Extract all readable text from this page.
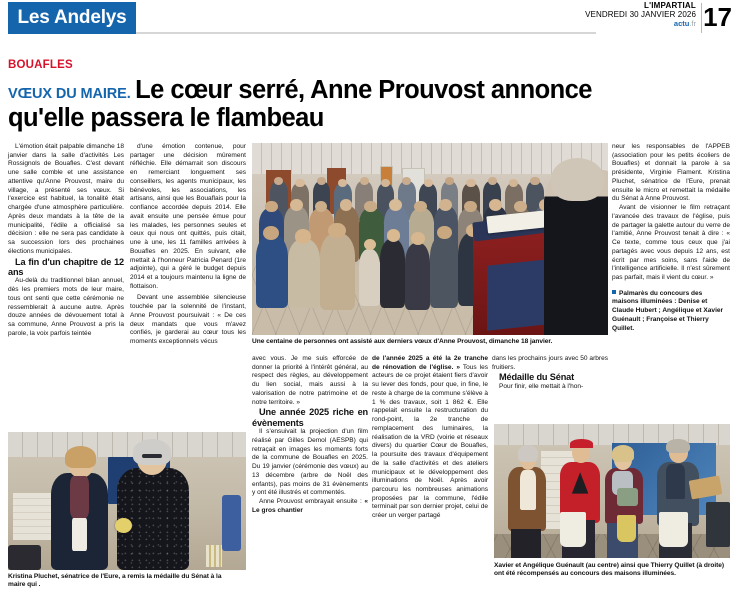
Les Andelys
L'IMPARTIAL
VENDREDI 30 JANVIER 2026
actu.fr 17
BOUAFLES
VŒUX DU MAIRE. Le cœur serré, Anne Prouvost annonce
qu'elle passera le flambeau

L'émotion était palpable dimanche 18 janvier dans la salle d'activités Les Rossignols de Bouafles. C'est devant une salle comble et une assistance attentive qu'Anne Prouvost, maire du village, a présenté ses vœux. Si l'exercice est habituel, la tonalité était chargée d'une atmosphère particulière. Après deux mandats à la tête de la municipalité, l'édile a officialisé sa décision : elle ne sera pas candidate à sa succession lors des prochaines élections municipales.

La fin d'un chapitre de 12 ans

Au-delà du traditionnel bilan annuel, dès les premiers mots de leur maire, tous ont senti que cette cérémonie ne ressemblerait à aucune autre. Après douze années de dévouement total à sa commune, Anne Prouvost a pris la parole, la voix parfois teintée

d'une émotion contenue, pour partager une décision mûrement réfléchie. Elle démarrait son discours en remerciant longuement ses conseillers, les agents municipaux, les bénévoles, les associations, les artisans, ainsi que les Bouaflais pour la confiance accordée depuis 2014. Elle avait ensuite une pensée émue pour les malades, les personnes seules et ceux qui nous ont quittés, puis citait, une à une, les 11 familles arrivées à Bouafles en 2025. En suivant, elle mettait à l'honneur Patricia Penard (1re adjointe), qui a géré le budget depuis 2014 et a toujours maintenu la ligne de flottaison.

Devant une assemblée silencieuse touchée par la solennité de l'instant, Anne Prouvost poursuivait : « De ces deux mandats que vous m'avez confiés, je garderai au cœur tous les moments exceptionnels vécus	Une centaine de personnes ont assisté aux derniers vœux d'Anne Prouvost, dimanche 18 janvier.

avec vous. Je me suis efforcée de donner la priorité à l'intérêt général, au respect des règles, au développement du lien social, mais aussi à la valorisation de notre patrimoine et de notre territoire. »

Une année 2025 riche en évènements

Il s'ensuivait la projection d'un film réalisé par Gilles Demol (AESPB) qui retraçait en images les moments forts de la commune de Bouafles en 2025. Du 19 janvier (cérémonie des vœux) au 13 décembre (arbre de Noël des enfants), pas moins de 31 évènements y ont été illustrés et commentés.

Anne Prouvost embrayait ensuite : « Le gros chantier

de l'année 2025 a été la 2e tranche de rénovation de l'église. » Tous les acteurs de ce projet étaient fiers d'avoir su lever des fonds, pour que, in fine, le reste à charge de la commune s'élève à 1 % des travaux, soit 1 862 €. Elle rappelait ensuite la restructuration du rond-point, la 2e tranche de remplacement des luminaires, la réalisation de la VRD (voirie et réseaux divers) du quartier Cœur de Bouafles, la poursuite des travaux d'équipement de la salle d'activités et des ateliers municipaux et le développement des illuminations de Noël. Après avoir parcouru les nombreuses animations proposées par la commune, l'édile terminait par son dernier projet, celui de créer un verger partagé

dans les prochains jours avec 50 arbres fruitiers.

Médaille du Sénat

Pour finir, elle mettait à l'hon-

neur les responsables de l'APPEB (association pour les petits écoliers de Bouafles) et donnait la parole à sa présidente, Virginie Flament. Kristina Pluchet, sénatrice de l'Eure, prenait ensuite le micro et remettait la médaille du Sénat à Anne Prouvost.

Avant de visionner le film retraçant l'avancée des travaux de l'église, puis de partager la galette autour du verre de l'amitié, Anne Prouvost tenait à dire : « Ce texte, comme tous ceux que j'ai partagés avec vous depuis 12 ans, est écrit par mes soins, sans l'aide de l'intelligence artificielle. Il n'est sûrement pas parfait, mais il vient du cœur. »

Palmarès du concours des maisons illuminées : Denise et Claude Hubert ; Angélique et Xavier Guénault ; Françoise et Thierry Quillet.

Kristina Pluchet, sénatrice de l'Eure, a remis la médaille du Sénat à la maire qui .
Xavier et Angélique Guénault (au centre) ainsi que Thierry Quillet (à droite) ont été récompensés au concours des maisons illuminées.
